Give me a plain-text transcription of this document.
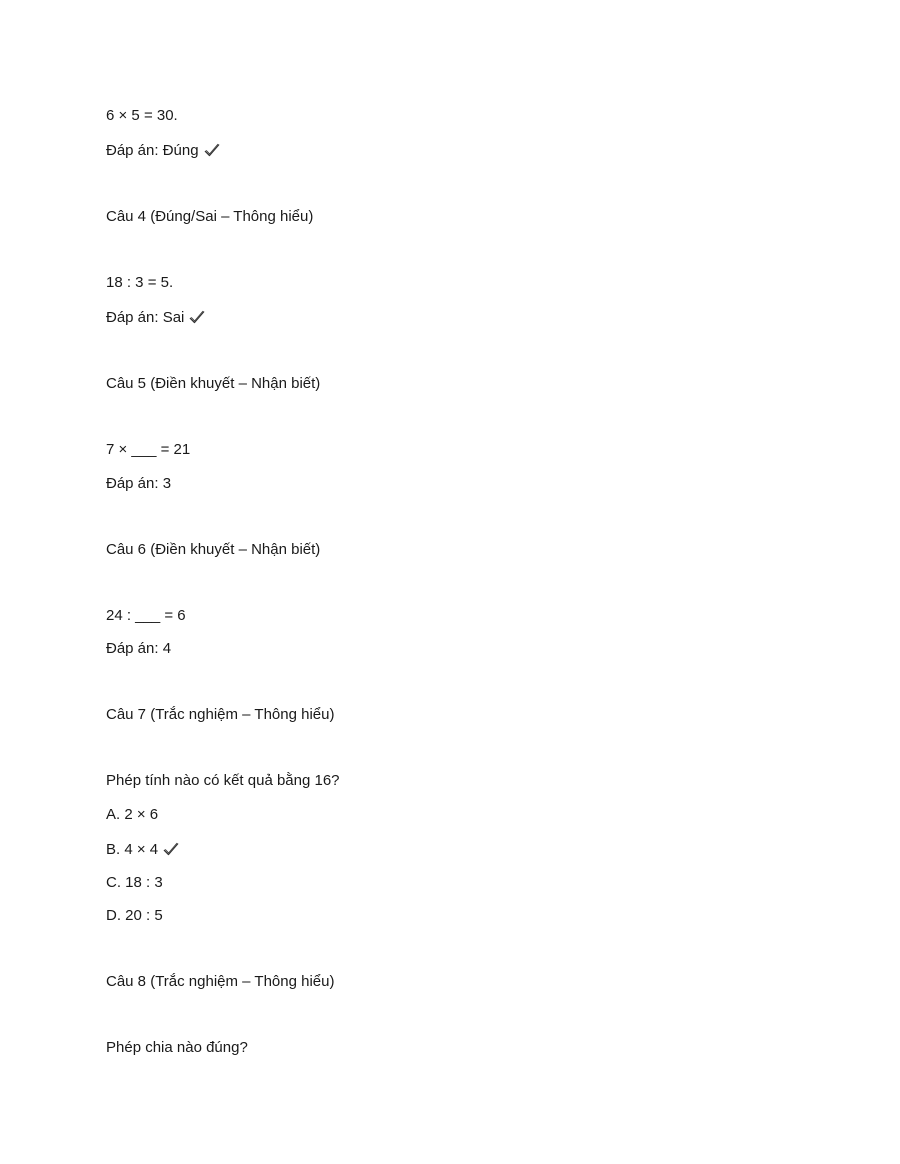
6 × 5 = 30.
Đáp án: Đúng
Câu 4 (Đúng/Sai – Thông hiểu)
18 : 3 = 5.
Đáp án: Sai
Câu 5 (Điền khuyết – Nhận biết)
7 × ___ = 21
Đáp án: 3
Câu 6 (Điền khuyết – Nhận biết)
24 : ___ = 6
Đáp án: 4
Câu 7 (Trắc nghiệm – Thông hiểu)
Phép tính nào có kết quả bằng 16?
A. 2 × 6
B. 4 × 4
C. 18 : 3
D. 20 : 5
Câu 8 (Trắc nghiệm – Thông hiểu)
Phép chia nào đúng?
